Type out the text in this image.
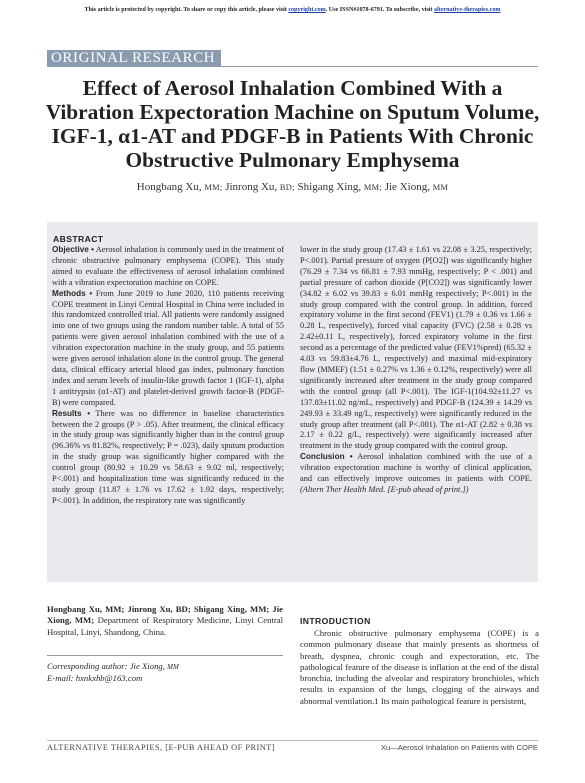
This article is protected by copyright. To share or copy this article, please visit copyright.com. Use ISSN#1078-6791. To subscribe, visit alternative-therapies.com
ORIGINAL RESEARCH
Effect of Aerosol Inhalation Combined With a Vibration Expectoration Machine on Sputum Volume, IGF-1, α1-AT and PDGF-B in Patients With Chronic Obstructive Pulmonary Emphysema
Hongbang Xu, MM; Jinrong Xu, BD; Shigang Xing, MM; Jie Xiong, MM
ABSTRACT

Objective • Aerosol inhalation is commonly used in the treatment of chronic obstructive pulmonary emphysema (COPE). This study aimed to evaluate the effectiveness of aerosol inhalation combined with a vibration expectoration machine on COPE.

Methods • From June 2019 to June 2020, 110 patients receiving COPE treatment in Linyi Central Hospital in China were included in this randomized controlled trial. All patients were randomly assigned into one of two groups using the random number table. A total of 55 patients were given aerosol inhalation combined with the use of a vibration expectoration machine in the study group, and 55 patients were given aerosol inhalation alone in the control group. The general data, clinical efficacy arterial blood gas index, pulmonary function index and serum levels of insulin-like growth factor 1 (IGF-1), alpha 1 antitrypsin (α1-AT) and platelet-derived growth factor-B (PDGF-B) were compared.

Results • There was no difference in baseline characteristics between the 2 groups (P > .05). After treatment, the clinical efficacy in the study group was significantly higher than in the control group (96.36% vs 81.82%, respectively; P = .023), daily sputum production in the study group was significantly higher compared with the control group (80.92 ± 10.29 vs 58.63 ± 9.02 ml, respectively; P<.001) and hospitalization time was significantly reduced in the study group (11.87 ± 1.76 vs 17.62 ± 1.92 days, respectively; P<.001). In addition, the respiratory rate was significantly

lower in the study group (17.43 ± 1.61 vs 22.08 ± 3.25, respectively; P<.001). Partial pressure of oxygen (P[O2]) was significantly higher (76.29 ± 7.34 vs 66.81 ± 7.93 mmHg, respectively; P < .001) and partial pressure of carbon dioxide (P[CO2]) was significantly lower (34.82 ± 6.02 vs 39.83 ± 6.01 mmHg respectively; P<.001) in the study group compared with the control group. In addition, forced expiratory volume in the first second (FEV1) (1.79 ± 0.36 vs 1.66 ± 0.28 L, respectively), forced vital capacity (FVC) (2.58 ± 0.28 vs 2.42±0.11 L, respectively), forced expiratory volume in the first second as a percentage of the predicted value (FEV1%pred) (65.32 ± 4.03 vs 59.83±4.76 L, respectively) and maximal mid-expiratory flow (MMEF) (1.51 ± 0.27% vs 1.36 ± 0.12%, respectively) were all significantly increased after treatment in the study group compared with the control group (all P<.001). The IGF-1(104.92±11.27 vs 137.83±11.02 ng/mL, respectively) and PDGF-B (124.39 ± 14.29 vs 249.93 ± 33.49 ng/L, respectively) were significantly reduced in the study group after treatment (all P<.001). The α1-AT (2.82 ± 0.38 vs 2.17 ± 0.22 g/L, respectively) were significantly increased after treatment in the study group compared with the control group.

Conclusion • Aerosol inhalation combined with the use of a vibration expectoration machine is worthy of clinical application, and can effectively improve outcomes in patients with COPE. (Altern Ther Health Med. [E-pub ahead of print.])

Hongbang Xu, MM; Jinrong Xu, BD; Shigang Xing, MM; Jie Xiong, MM; Department of Respiratory Medicine, Linyi Central Hospital, Linyi, Shandong, China.
Corresponding author: Jie Xiong, MM
E-mail: hxnkxhb@163.com
INTRODUCTION
Chronic obstructive pulmonary emphysema (COPE) is a common pulmonary disease that mainly presents as shortness of breath, dyspnea, chronic cough and expectoration, etc. The pathological feature of the disease is inflation at the end of the distal bronchia, including the alveolar and respiratory bronchioles, which results in expansion of the lungs, clogging of the airways and abnormal ventilation.1 Its main pathological feature is persistent,
ALTERNATIVE THERAPIES, [E-PUB AHEAD OF PRINT]	Xu—Aerosol Inhalation on Patients with COPE
